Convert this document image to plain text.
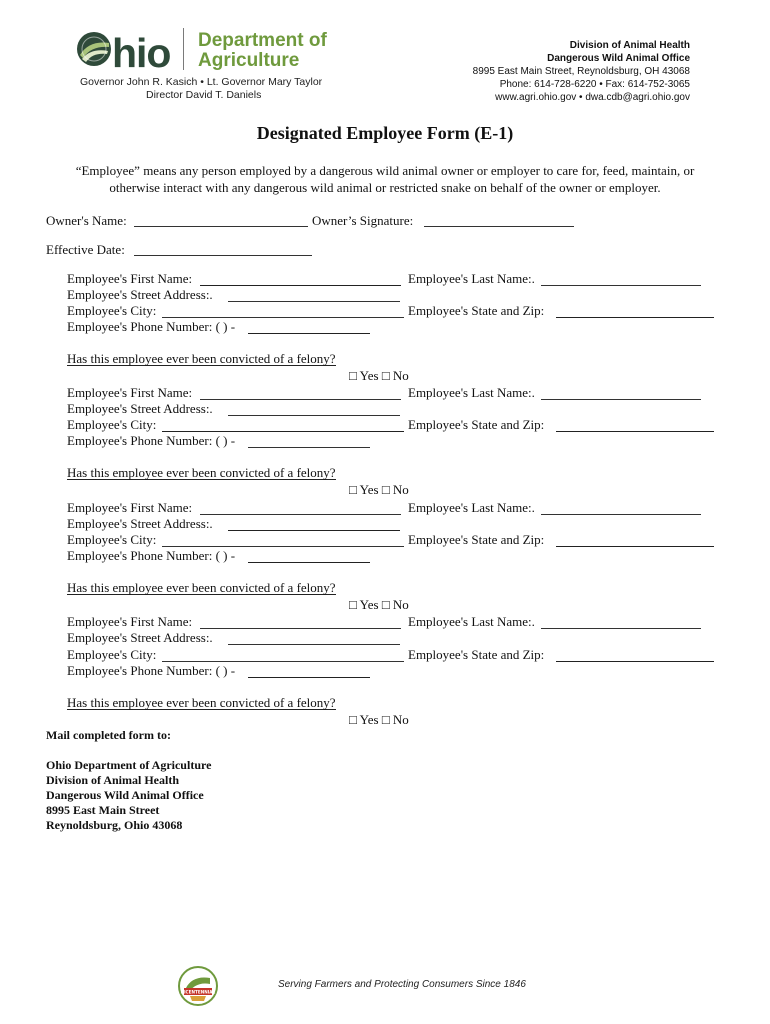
hio Department of
Agriculture
Governor John R. Kasich • Lt. Governor Mary Taylor
Director David T. Daniels
Division of Animal Health
Dangerous Wild Animal Office
8995 East Main Street, Reynoldsburg, OH 43068
Phone: 614-728-6220 • Fax: 614-752-3065
www.agri.ohio.gov • dwa.cdb@agri.ohio.gov
Designated Employee Form (E-1)
“Employee” means any person employed by a dangerous wild animal owner or employer to care for, feed, maintain, or
otherwise interact with any dangerous wild animal or restricted snake on behalf of the owner or employer.
Owner's Name:	Owner’s Signature:
Effective Date:
Employee's First Name:	Employee's Last Name:.
Employee's Street Address:.
Employee's City:	Employee's State and Zip:
Employee's Phone Number: ( ) -
Has this employee ever been convicted of a felony?
□ Yes □ No
Employee's First Name:	Employee's Last Name:.
Employee's Street Address:.
Employee's City:	Employee's State and Zip:
Employee's Phone Number: ( ) -
Has this employee ever been convicted of a felony?
□ Yes □ No
Employee's First Name:	Employee's Last Name:.
Employee's Street Address:.
Employee's City:	Employee's State and Zip:
Employee's Phone Number: ( ) -
Has this employee ever been convicted of a felony?
□ Yes □ No
Employee's First Name:	Employee's Last Name:.
Employee's Street Address:.
Employee's City:	Employee's State and Zip:
Employee's Phone Number: ( ) -
Has this employee ever been convicted of a felony?
□ Yes □ No
Mail completed form to:
Ohio Department of Agriculture
Division of Animal Health
Dangerous Wild Animal Office
8995 East Main Street
Reynoldsburg, Ohio 43068
BICENTENNIAL
Serving Farmers and Protecting Consumers Since 1846
